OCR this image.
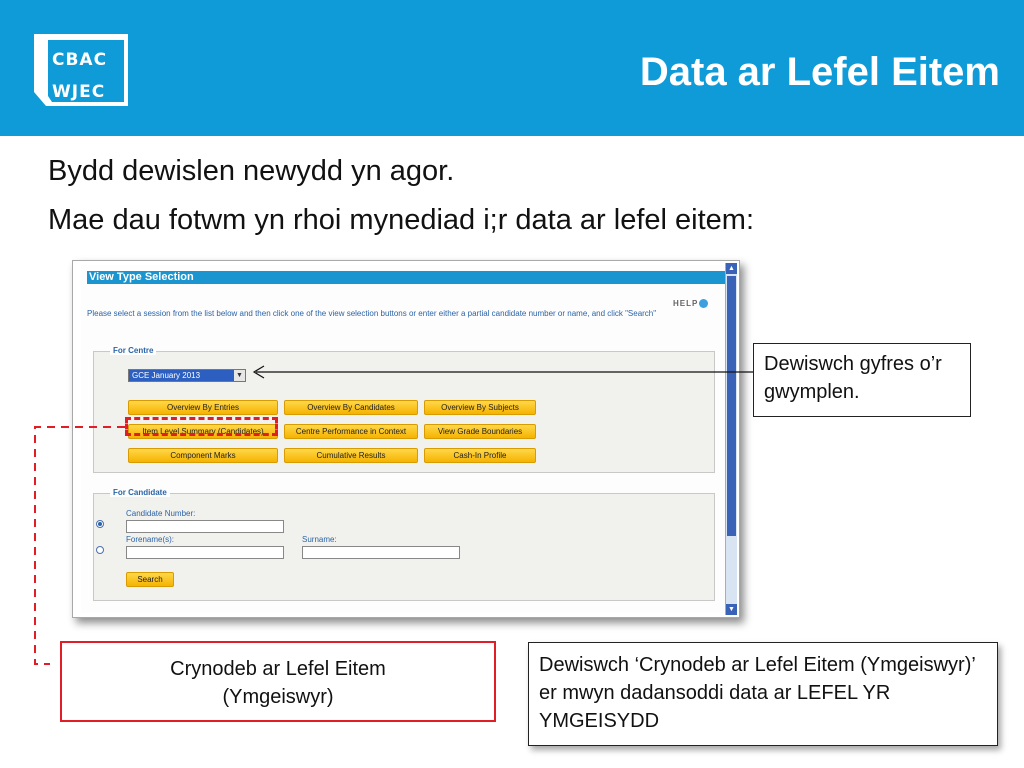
CBAC
WJEC	Data ar Lefel Eitem
Bydd dewislen newydd yn agor.
Mae dau fotwm yn rhoi mynediad i;r data ar lefel eitem:
View Type Selection
HELP
Please select a session from the list below and then click one of the view selection buttons or enter either a partial candidate number or name, and click "Search"
For Centre
GCE January 2013	▼
Overview By Entries	Overview By Candidates	Overview By Subjects
Item Level Summary (Candidates)	Centre Performance in Context	View Grade Boundaries
Component Marks	Cumulative Results	Cash-In Profile
For Candidate
Candidate Number:
Forename(s):	Surname:
Search
▲
▼
Dewiswch gyfres o’r gwymplen.
Crynodeb ar Lefel Eitem
(Ymgeiswyr)
Dewiswch ‘Crynodeb ar Lefel Eitem (Ymgeiswyr)’ er mwyn dadansoddi data ar LEFEL YR YMGEISYDD
